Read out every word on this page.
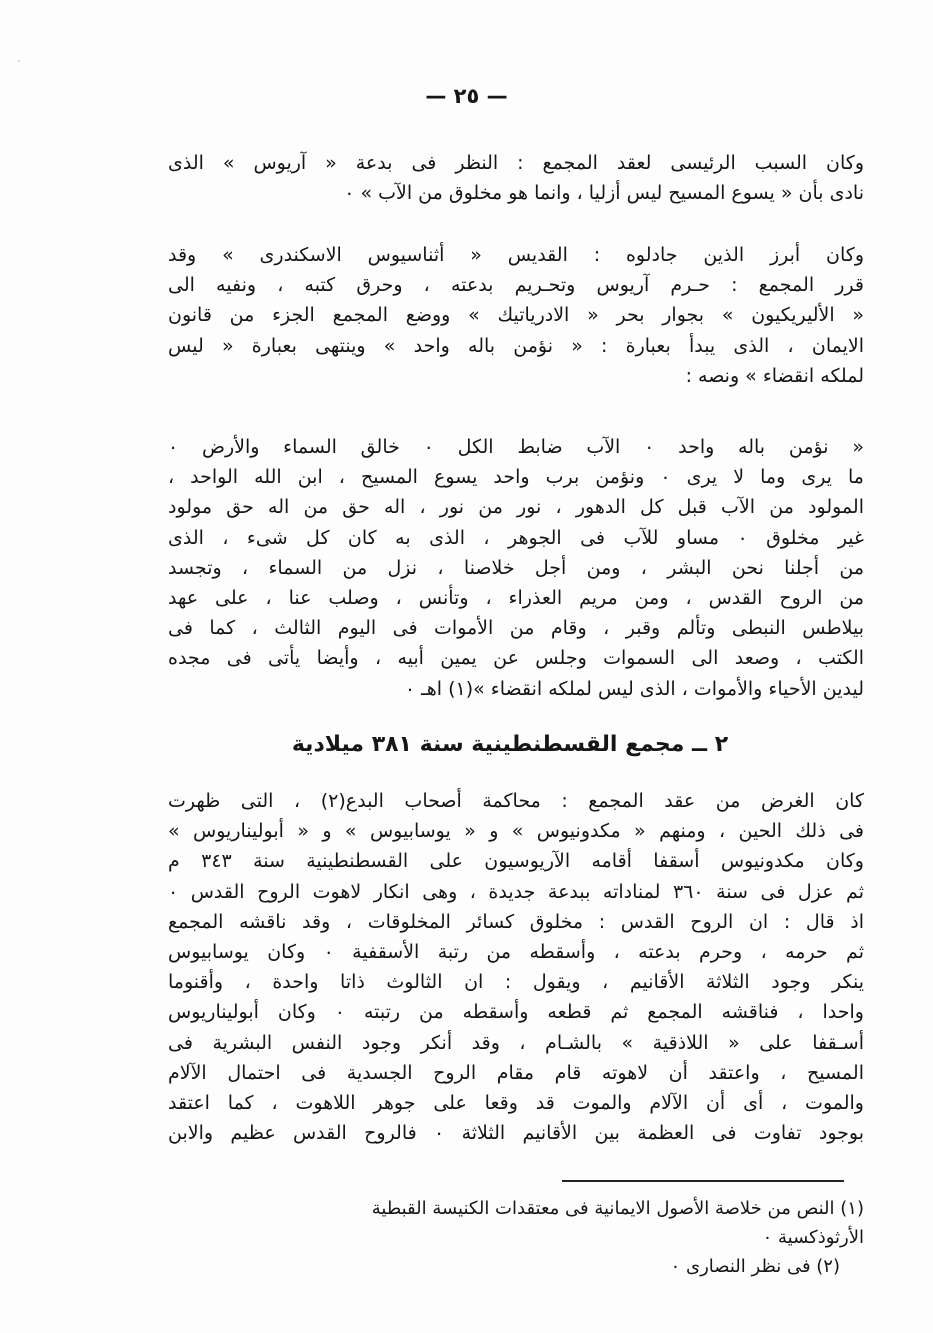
⸳
— ٢٥ —
وكان السبب الرئيسى لعقد المجمع : النظر فى بدعة « آريوس » الذى
نادى بأن « يسوع المسيح ليس أزليا ، وانما هو مخلوق من الآب » ٠
وكان أبرز الذين جادلوه : القديس « أثناسيوس الاسكندرى » وقد
قرر المجمع : حـرم آريوس وتحـريم بدعته ، وحرق كتبه ، ونفيه الى
« الأليريكيون » بجوار بحر « الادرياتيك » ووضع المجمع الجزء من قانون
الايمان ، الذى يبدأ بعبارة : « نؤمن باله واحد » وينتهى بعبارة « ليس
لملكه انقضاء » ونصه :
« نؤمن باله واحد ٠ الآب ضابط الكل ٠ خالق السماء والأرض ٠
ما يرى وما لا يرى ٠ ونؤمن برب واحد يسوع المسيح ، ابن الله الواحد ،
المولود من الآب قبل كل الدهور ، نور من نور ، اله حق من اله حق مولود
غير مخلوق ٠ مساو للآب فى الجوهر ، الذى به كان كل شىء ، الذى
من أجلنا نحن البشر ، ومن أجل خلاصنا ، نزل من السماء ، وتجسد
من الروح القدس ، ومن مريم العذراء ، وتأنس ، وصلب عنا ، على عهد
بيلاطس النبطى وتألم وقبر ، وقام من الأموات فى اليوم الثالث ، كما فى
الكتب ، وصعد الى السموات وجلس عن يمين أبيه ، وأيضا يأتى فى مجده
ليدين الأحياء والأموات ، الذى ليس لملكه انقضاء »(١) اهـ ٠
٢ ــ مجمع القسطنطينية سنة ٣٨١ ميلادية
كان الغرض من عقد المجمع : محاكمة أصحاب البدع(٢) ، التى ظهرت
فى ذلك الحين ، ومنهم « مكدونيوس » و « يوسابيوس » و « أبوليناريوس »
وكان مكدونيوس أسقفا أقامه الآريوسيون على القسطنطينية سنة ٣٤٣ م
ثم عزل فى سنة ٣٦٠ لمناداته ببدعة جديدة ، وهى انكار لاهوت الروح القدس ٠
اذ قال : ان الروح القدس : مخلوق كسائر المخلوقات ، وقد ناقشه المجمع
ثم حرمه ، وحرم بدعته ، وأسقطه من رتبة الأسقفية ٠ وكان يوسابيوس
ينكر وجود الثلاثة الأقانيم ، ويقول : ان الثالوث ذاتا واحدة ، وأقنوما
واحدا ، فناقشه المجمع ثم قطعه وأسقطه من رتبته ٠ وكان أبوليناريوس
أسـقفا على « اللاذقية » بالشـام ، وقد أنكر وجود النفس البشرية فى
المسيح ، واعتقد أن لاهوته قام مقام الروح الجسدية فى احتمال الآلام
والموت ، أى أن الآلام والموت قد وقعا على جوهر اللاهوت ، كما اعتقد
بوجود تفاوت فى العظمة بين الأقانيم الثلاثة ٠ فالروح القدس عظيم والابن
(١) النص من خلاصة الأصول الايمانية فى معتقدات الكنيسة القبطية
الأرثوذكسية ٠
(٢) فى نظر النصارى ٠
